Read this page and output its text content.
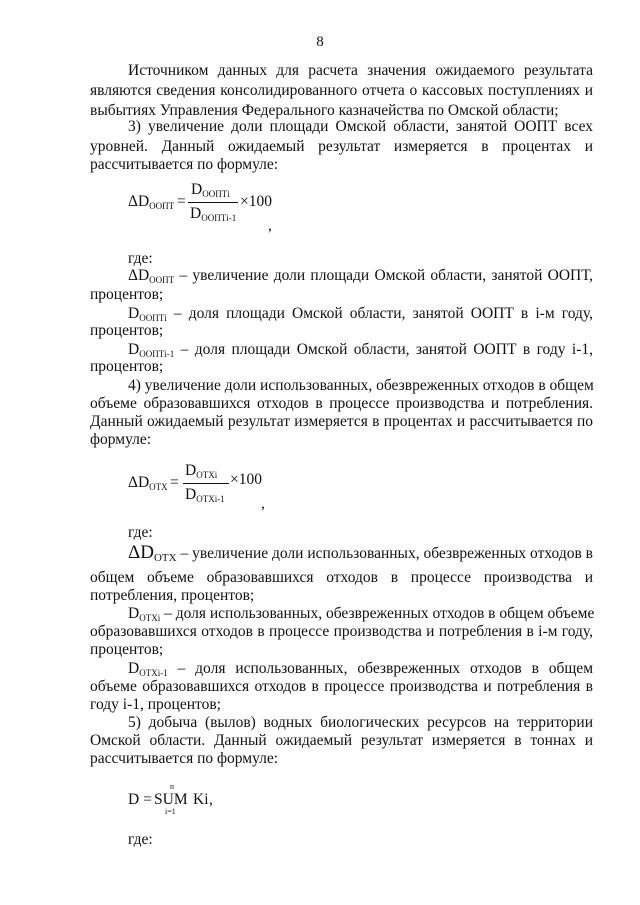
8
Источником данных для расчета значения ожидаемого результата
являются сведения консолидированного отчета о кассовых поступлениях и
выбытиях Управления Федерального казначейства по Омской области;
3) увеличение доли площади Омской области, занятой ООПТ всех
уровней. Данный ожидаемый результат измеряется в процентах и
рассчитывается по формуле:
ΔDООПТ =
DООПТi
DООПТi-1
×100
,
где:
ΔDООПТ – увеличение доли площади Омской области, занятой ООПТ,
процентов;
DООПТi – доля площади Омской области, занятой ООПТ в i-м году,
процентов;
DООПТi-1 – доля площади Омской области, занятой ООПТ в году i-1,
процентов;
4) увеличение доли использованных, обезвреженных отходов в общем
объеме образовавшихся отходов в процессе производства и потребления.
Данный ожидаемый результат измеряется в процентах и рассчитывается по
формуле:
ΔDОТХ =
DОТХi
DОТХi-1
×100
,
где:
ΔDОТХ – увеличение доли использованных, обезвреженных отходов в
общем объеме образовавшихся отходов в процессе производства и
потребления, процентов;
DОТХi – доля использованных, обезвреженных отходов в общем объеме
образовавшихся отходов в процессе производства и потребления в i-м году,
процентов;
DОТХi-1 – доля использованных, обезвреженных отходов в общем
объеме образовавшихся отходов в процессе производства и потребления в
году i-1, процентов;
5) добыча (вылов) водных биологических ресурсов на территории
Омской области. Данный ожидаемый результат измеряется в тоннах и
рассчитывается по формуле:
D =
n
SUM
i=1
Ki ,
где:
